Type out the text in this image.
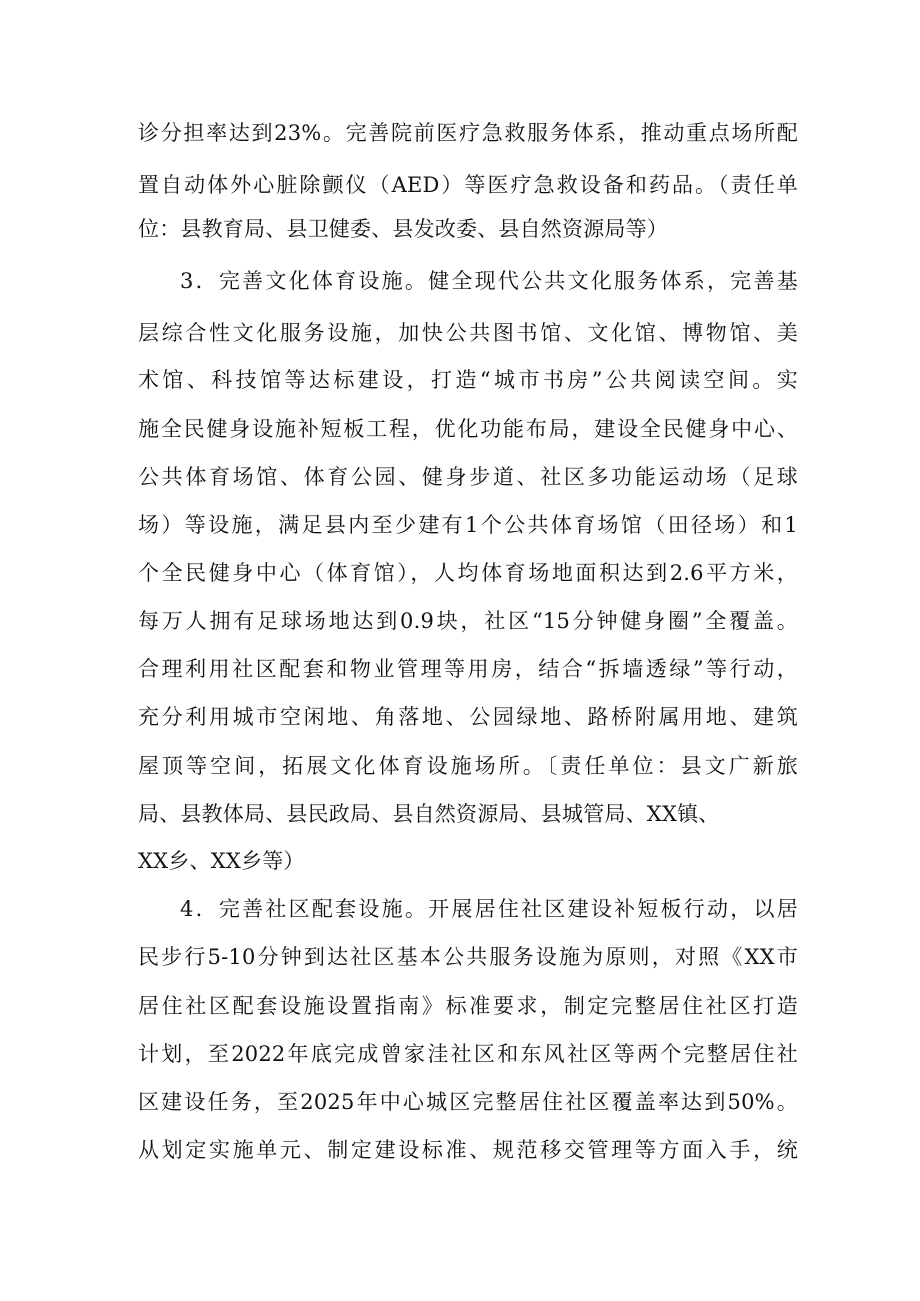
诊分担率达到23%。完善院前医疗急救服务体系，推动重点场所配
置自动体外心脏除颤仪（AED）等医疗急救设备和药品。（责任单
位：县教育局、县卫健委、县发改委、县自然资源局等）
3．完善文化体育设施。健全现代公共文化服务体系，完善基
层综合性文化服务设施，加快公共图书馆、文化馆、博物馆、美
术馆、科技馆等达标建设，打造“城市书房”公共阅读空间。实
施全民健身设施补短板工程，优化功能布局，建设全民健身中心、
公共体育场馆、体育公园、健身步道、社区多功能运动场（足球
场）等设施，满足县内至少建有1个公共体育场馆（田径场）和1
个全民健身中心（体育馆），人均体育场地面积达到2.6平方米，
每万人拥有足球场地达到0.9块，社区“15分钟健身圈”全覆盖。
合理利用社区配套和物业管理等用房，结合“拆墙透绿”等行动，
充分利用城市空闲地、角落地、公园绿地、路桥附属用地、建筑
屋顶等空间，拓展文化体育设施场所。〔责任单位：县文广新旅
局、县教体局、县民政局、县自然资源局、县城管局、XX镇、
XX乡、XX乡等）
4．完善社区配套设施。开展居住社区建设补短板行动，以居
民步行5-10分钟到达社区基本公共服务设施为原则，对照《XX市
居住社区配套设施设置指南》标准要求，制定完整居住社区打造
计划，至2022年底完成曾家洼社区和东风社区等两个完整居住社
区建设任务，至2025年中心城区完整居住社区覆盖率达到50%。
从划定实施单元、制定建设标准、规范移交管理等方面入手，统
